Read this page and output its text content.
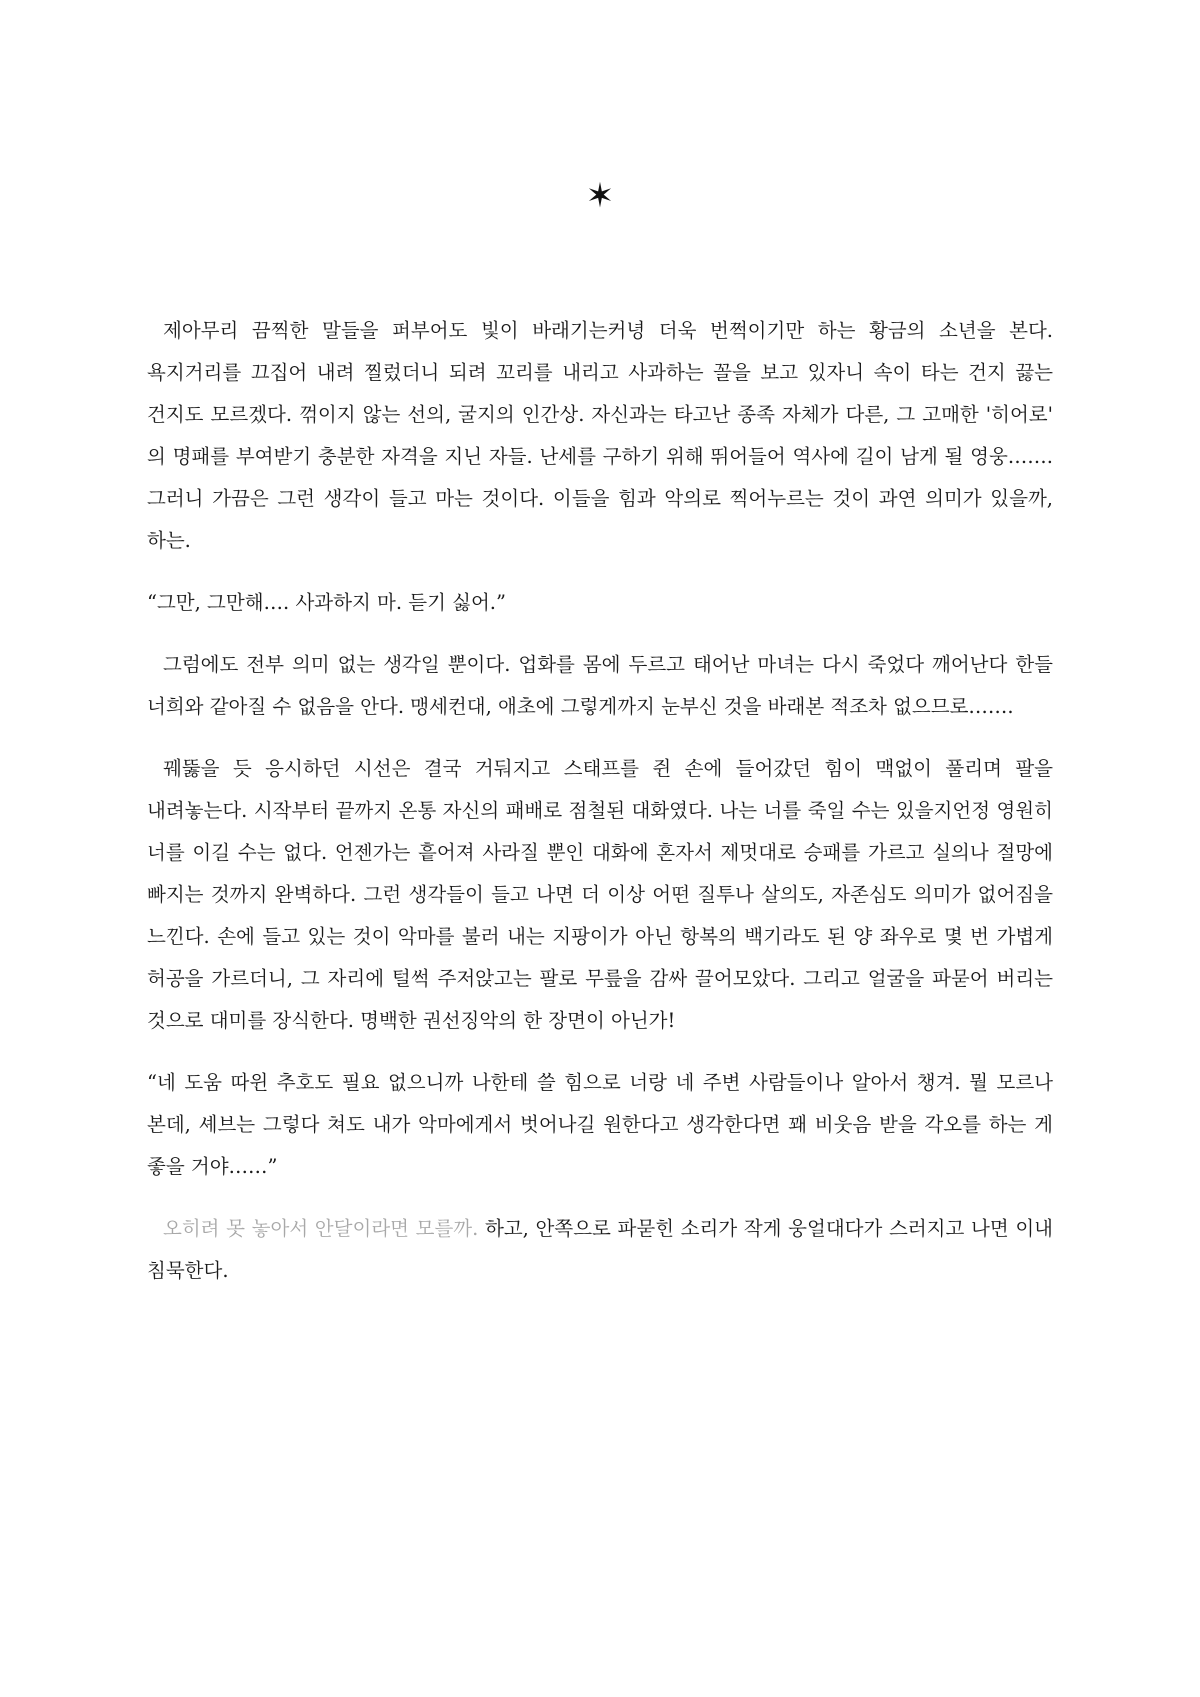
✶

제아무리 끔찍한 말들을 퍼부어도 빛이 바래기는커녕 더욱 번쩍이기만 하는 황금의 소년을 본다. 욕지거리를 끄집어 내려 찔렀더니 되려 꼬리를 내리고 사과하는 꼴을 보고 있자니 속이 타는 건지 끓는 건지도 모르겠다. 꺾이지 않는 선의, 굴지의 인간상. 자신과는 타고난 종족 자체가 다른, 그 고매한 '히어로' 의 명패를 부여받기 충분한 자격을 지닌 자들. 난세를 구하기 위해 뛰어들어 역사에 길이 남게 될 영웅……. 그러니 가끔은 그런 생각이 들고 마는 것이다. 이들을 힘과 악의로 찍어누르는 것이 과연 의미가 있을까, 하는.

“그만, 그만해…. 사과하지 마. 듣기 싫어.”

그럼에도 전부 의미 없는 생각일 뿐이다. 업화를 몸에 두르고 태어난 마녀는 다시 죽었다 깨어난다 한들 너희와 같아질 수 없음을 안다. 맹세컨대, 애초에 그렇게까지 눈부신 것을 바래본 적조차 없으므로…….

꿰뚫을 듯 응시하던 시선은 결국 거둬지고 스태프를 쥔 손에 들어갔던 힘이 맥없이 풀리며 팔을 내려놓는다. 시작부터 끝까지 온통 자신의 패배로 점철된 대화였다. 나는 너를 죽일 수는 있을지언정 영원히 너를 이길 수는 없다. 언젠가는 흩어져 사라질 뿐인 대화에 혼자서 제멋대로 승패를 가르고 실의나 절망에 빠지는 것까지 완벽하다. 그런 생각들이 들고 나면 더 이상 어떤 질투나 살의도, 자존심도 의미가 없어짐을 느낀다. 손에 들고 있는 것이 악마를 불러 내는 지팡이가 아닌 항복의 백기라도 된 양 좌우로 몇 번 가볍게 허공을 가르더니, 그 자리에 털썩 주저앉고는 팔로 무릎을 감싸 끌어모았다. 그리고 얼굴을 파묻어 버리는 것으로 대미를 장식한다. 명백한 권선징악의 한 장면이 아닌가!

“네 도움 따윈 추호도 필요 없으니까 나한테 쓸 힘으로 너랑 네 주변 사람들이나 알아서 챙겨. 뭘 모르나 본데, 셰브는 그렇다 쳐도 내가 악마에게서 벗어나길 원한다고 생각한다면 꽤 비웃음 받을 각오를 하는 게 좋을 거야……”

오히려 못 놓아서 안달이라면 모를까. 하고, 안쪽으로 파묻힌 소리가 작게 웅얼대다가 스러지고 나면 이내 침묵한다.
